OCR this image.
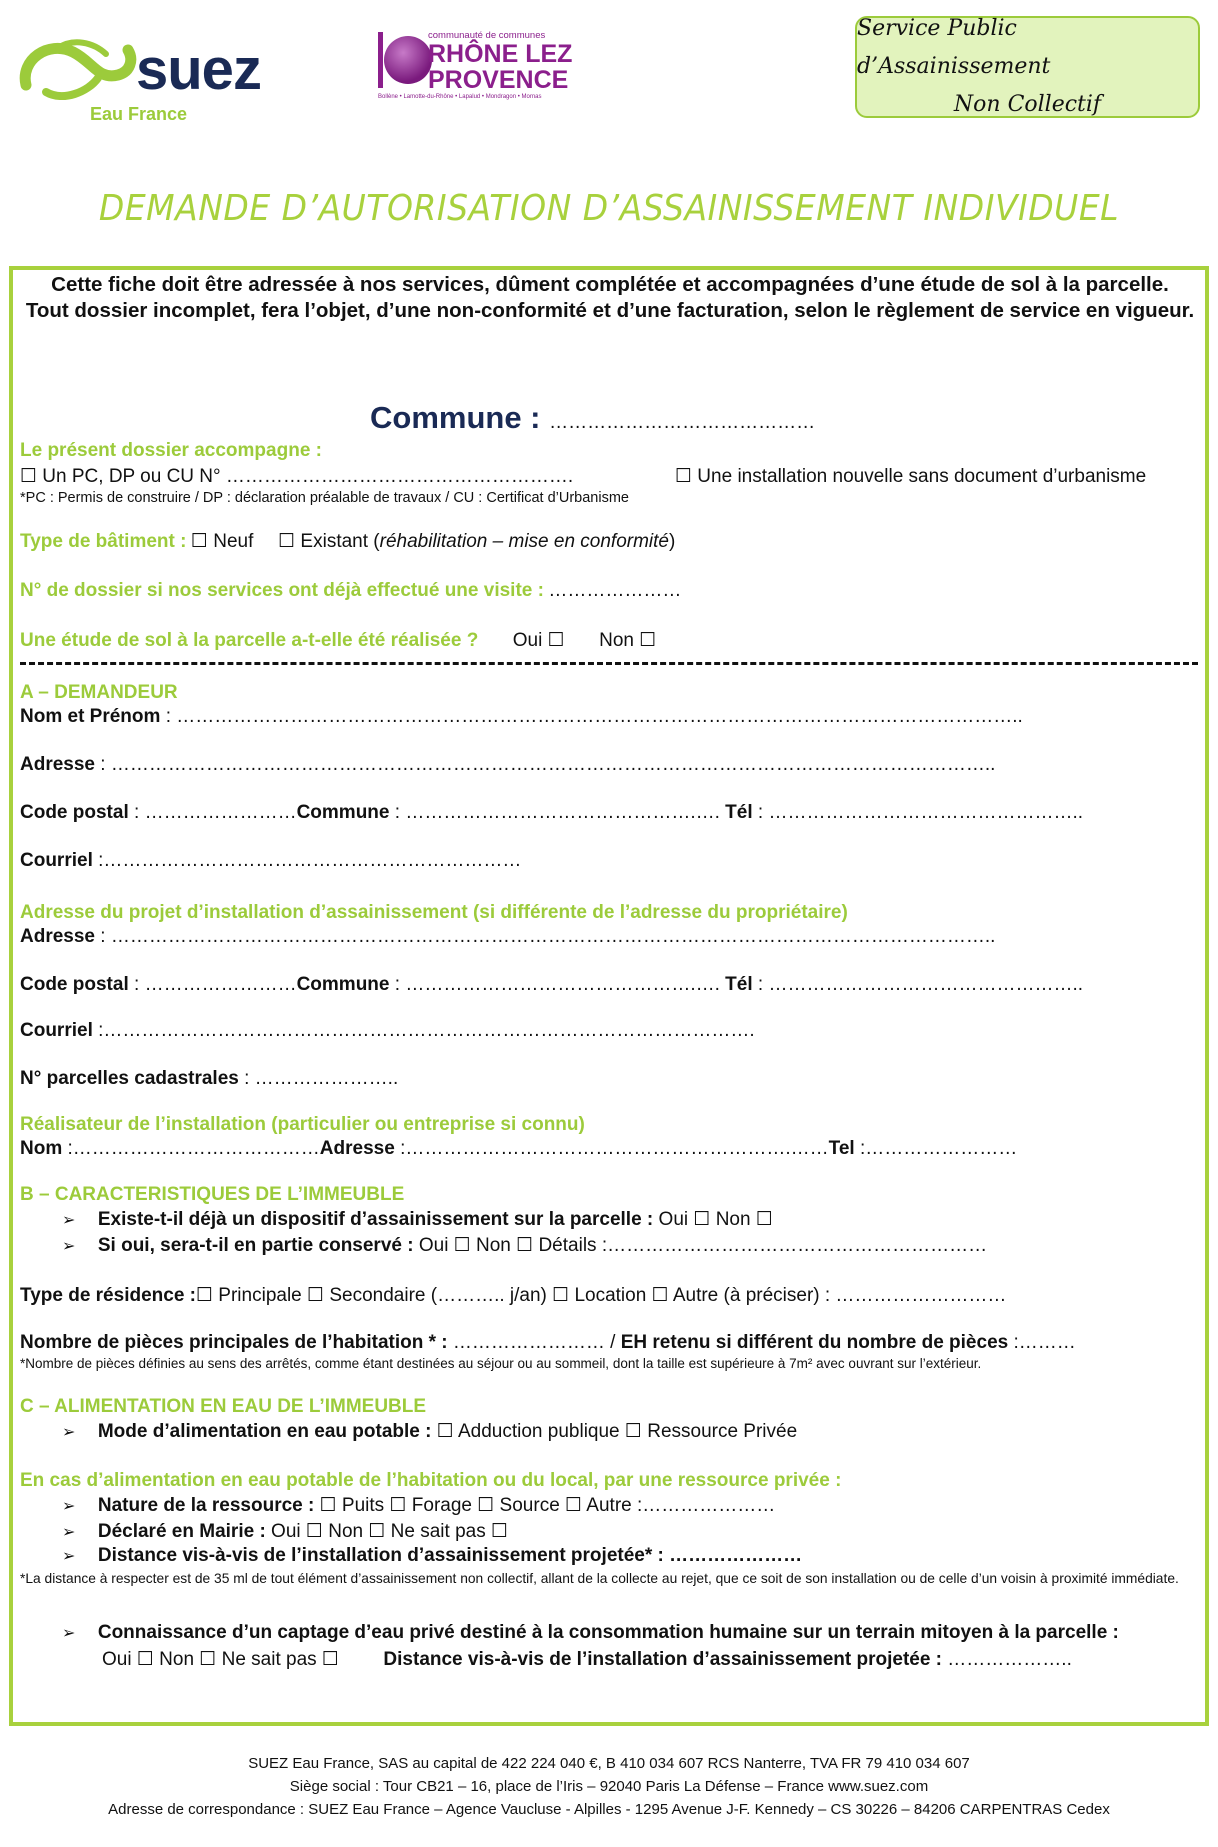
suez
Eau France
communauté de communes
RHÔNE LEZ
PROVENCE
Bollène • Lamotte-du-Rhône • Lapalud • Mondragon • Mornas
Service Public d’Assainissement
Non Collectif
DEMANDE D’AUTORISATION D’ASSAINISSEMENT INDIVIDUEL
Cette fiche doit être adressée à nos services, dûment complétée et accompagnées d’une étude de sol à la parcelle.
Tout dossier incomplet, fera l’objet, d’une non-conformité et d’une facturation, selon le règlement de service en vigueur.
Commune : ……………………………………
Le présent dossier accompagne :
☐ Un PC, DP ou CU N° ……………………………………………….	☐ Une installation nouvelle sans document d’urbanisme
*PC : Permis de construire / DP : déclaration préalable de travaux / CU : Certificat d’Urbanisme
Type de bâtiment : ☐ Neuf ☐ Existant (réhabilitation – mise en conformité)
N° de dossier si nos services ont déjà effectué une visite : …………………
Une étude de sol à la parcelle a-t-elle été réalisée ? Oui ☐ Non ☐
A – DEMANDEUR
Nom et Prénom : ……………………………………………………………………………………………………………………..
Adresse : …………………………………………………………………………………………………………………………..
Code postal : ……………………Commune : ……………………………………….…. Tél : …………………………………………..
Courriel :…………………………………………………………
Adresse du projet d’installation d’assainissement (si différente de l’adresse du propriétaire)
Adresse : …………………………………………………………………………………………………………………………..
Code postal : ……………………Commune : ……………………………………….…. Tél : …………………………………………..
Courriel :………………………………………………………………………………………….
N° parcelles cadastrales : …………………..
Réalisateur de l’installation (particulier ou entreprise si connu)
Nom :…………………………………Adresse :…………………………………………………….……Tel :……………………
B – CARACTERISTIQUES DE L’IMMEUBLE
➢ Existe-t-il déjà un dispositif d’assainissement sur la parcelle : Oui ☐ Non ☐
➢ Si oui, sera-t-il en partie conservé : Oui ☐ Non ☐ Détails :……………………………………………………
Type de résidence :☐ Principale ☐ Secondaire (……….. j/an) ☐ Location ☐ Autre (à préciser) : ………………………
Nombre de pièces principales de l’habitation * : …………………… / EH retenu si différent du nombre de pièces :………
*Nombre de pièces définies au sens des arrêtés, comme étant destinées au séjour ou au sommeil, dont la taille est supérieure à 7m² avec ouvrant sur l’extérieur.
C – ALIMENTATION EN EAU DE L’IMMEUBLE
➢ Mode d’alimentation en eau potable : ☐ Adduction publique ☐ Ressource Privée
En cas d’alimentation en eau potable de l’habitation ou du local, par une ressource privée :
➢ Nature de la ressource : ☐ Puits ☐ Forage ☐ Source ☐ Autre :…………………
➢ Déclaré en Mairie : Oui ☐ Non ☐ Ne sait pas ☐
➢ Distance vis-à-vis de l’installation d’assainissement projetée* : …………………
*La distance à respecter est de 35 ml de tout élément d’assainissement non collectif, allant de la collecte au rejet, que ce soit de son installation ou de celle d’un voisin à proximité immédiate.
➢ Connaissance d’un captage d’eau privé destiné à la consommation humaine sur un terrain mitoyen à la parcelle :
Oui ☐ Non ☐ Ne sait pas ☐ Distance vis-à-vis de l’installation d’assainissement projetée : ………………..
SUEZ Eau France, SAS au capital de 422 224 040 €, B 410 034 607 RCS Nanterre, TVA FR 79 410 034 607
Siège social : Tour CB21 – 16, place de l’Iris – 92040 Paris La Défense – France www.suez.com
Adresse de correspondance : SUEZ Eau France – Agence Vaucluse - Alpilles - 1295 Avenue J-F. Kennedy – CS 30226 – 84206 CARPENTRAS Cedex
